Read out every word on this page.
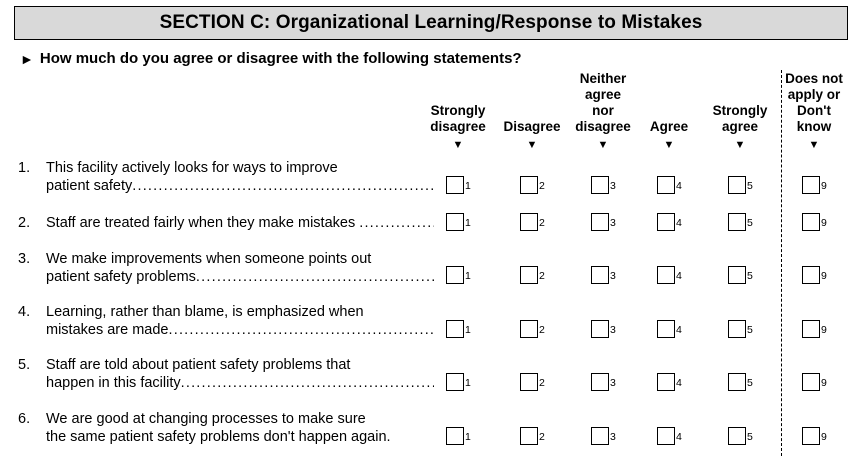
SECTION C: Organizational Learning/Response to Mistakes
► How much do you agree or disagree with the following statements?
Strongly
disagree
▼
Disagree
▼
Neither
agree
nor
disagree
▼
Agree
▼
Strongly
agree
▼
Does not
apply or
Don't
know
▼
1. This facility actively looks for ways to improve
patient safety .....	1	2	3	4	5	9
2. Staff are treated fairly when they make mistakes .....	1	2	3	4	5	9
3. We make improvements when someone points out
patient safety problems .....	1	2	3	4	5	9
4. Learning, rather than blame, is emphasized when
mistakes are made .....	1	2	3	4	5	9
5. Staff are told about patient safety problems that
happen in this facility .....	1	2	3	4	5	9
6. We are good at changing processes to make sure
the same patient safety problems don't happen again.	1	2	3	4	5	9
